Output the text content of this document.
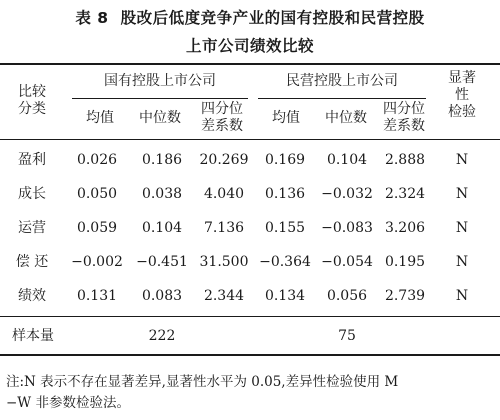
表 8 股改后低度竞争产业的国有控股和民营控股
上市公司绩效比较
比较
分类
国有控股上市公司	民营控股上市公司	显著
性
检验
均值	中位数
四分位
差系数	均值	中位数
四分位
差系数
盈利	0.026	0.186	20.269	0.169	0.104	2.888	N
成长	0.050	0.038	4.040	0.136	−0.032 2.324	N
运营	0.059	0.104	7.136	0.155	−0.083 3.206	N
偿 还	−0.002 −0.451 31.500 −0.364 −0.054 0.195	N
绩效	0.131	0.083	2.344	0.134	0.056	2.739	N
样本量	222	75
注:N 表示不存在显著差异,显著性水平为 0.05,差异性检验使用 M
−W 非参数检验法。
